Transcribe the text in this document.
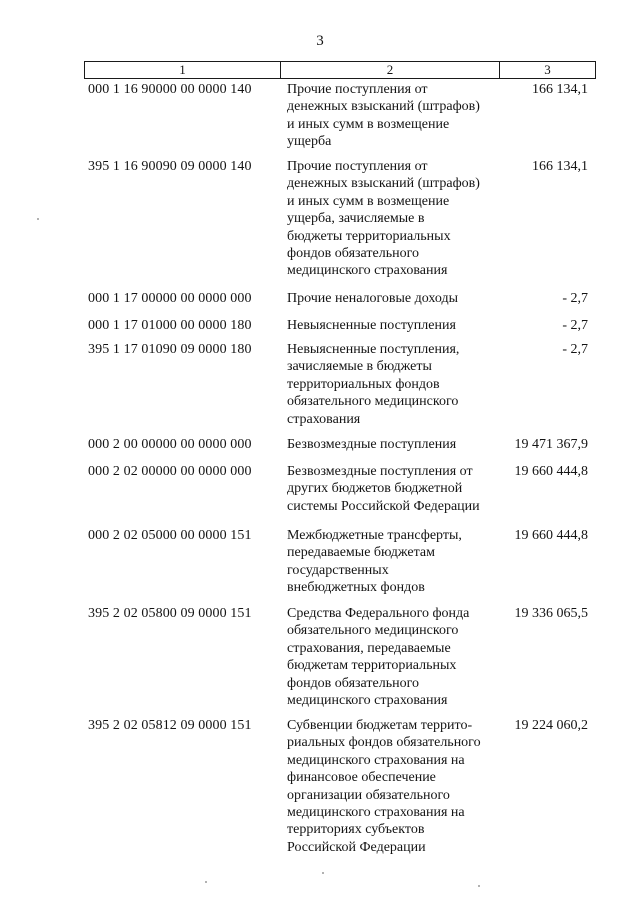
3
1	2	3
000 1 16 90000 00 0000 140	Прочие поступления от
денежных взысканий (штрафов)
и иных сумм в возмещение
ущерба
166 134,1
395 1 16 90090 09 0000 140	Прочие поступления от
денежных взысканий (штрафов)
и иных сумм в возмещение
ущерба, зачисляемые в
бюджеты территориальных
фондов обязательного
медицинского страхования
166 134,1
000 1 17 00000 00 0000 000	Прочие неналоговые доходы	- 2,7
000 1 17 01000 00 0000 180	Невыясненные поступления	- 2,7
395 1 17 01090 09 0000 180	Невыясненные поступления,
зачисляемые в бюджеты
территориальных фондов
обязательного медицинского
страхования
- 2,7
000 2 00 00000 00 0000 000	Безвозмездные поступления	19 471 367,9
000 2 02 00000 00 0000 000	Безвозмездные поступления от
других бюджетов бюджетной
системы Российской Федерации
19 660 444,8
000 2 02 05000 00 0000 151	Межбюджетные трансферты,
передаваемые бюджетам
государственных
внебюджетных фондов
19 660 444,8
395 2 02 05800 09 0000 151	Средства Федерального фонда
обязательного медицинского
страхования, передаваемые
бюджетам территориальных
фондов обязательного
медицинского страхования
19 336 065,5
395 2 02 05812 09 0000 151	Субвенции бюджетам террито-
риальных фондов обязательного
медицинского страхования на
финансовое обеспечение
организации обязательного
медицинского страхования на
территориях субъектов
Российской Федерации
19 224 060,2
